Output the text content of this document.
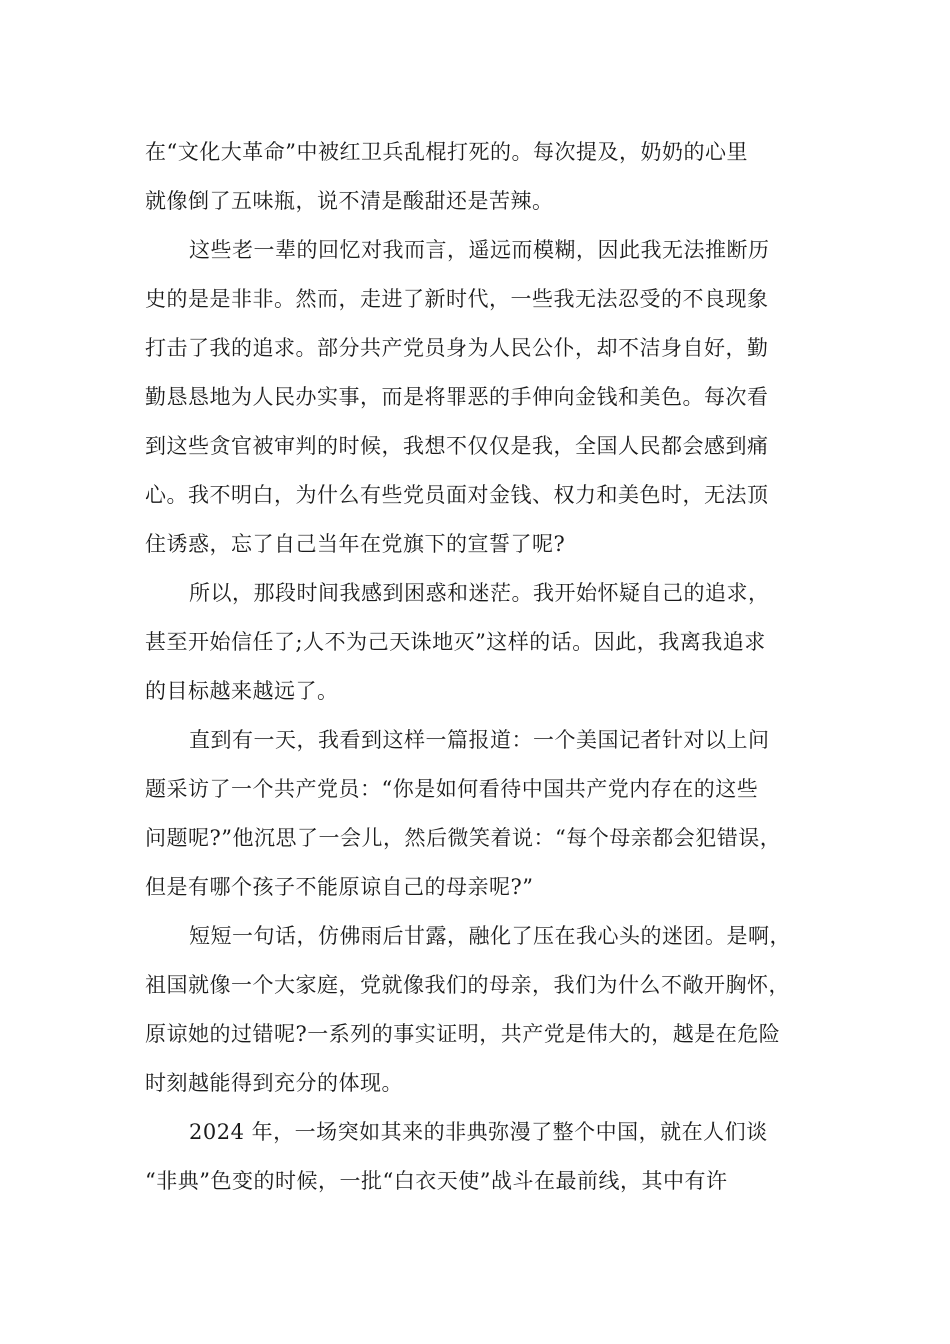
在“文化大革命”中被红卫兵乱棍打死的。每次提及，奶奶的心里
就像倒了五味瓶，说不清是酸甜还是苦辣。
这些老一辈的回忆对我而言，遥远而模糊，因此我无法推断历
史的是是非非。然而，走进了新时代，一些我无法忍受的不良现象
打击了我的追求。部分共产党员身为人民公仆，却不洁身自好，勤
勤恳恳地为人民办实事，而是将罪恶的手伸向金钱和美色。每次看
到这些贪官被审判的时候，我想不仅仅是我，全国人民都会感到痛
心。我不明白，为什么有些党员面对金钱、权力和美色时，无法顶
住诱惑，忘了自己当年在党旗下的宣誓了呢?
所以，那段时间我感到困惑和迷茫。我开始怀疑自己的追求，
甚至开始信任了;人不为己天诛地灭”这样的话。因此，我离我追求
的目标越来越远了。
直到有一天，我看到这样一篇报道：一个美国记者针对以上问
题采访了一个共产党员：“你是如何看待中国共产党内存在的这些
问题呢?”他沉思了一会儿，然后微笑着说：“每个母亲都会犯错误，
但是有哪个孩子不能原谅自己的母亲呢?”
短短一句话，仿佛雨后甘露，融化了压在我心头的迷团。是啊，
祖国就像一个大家庭，党就像我们的母亲，我们为什么不敞开胸怀，
原谅她的过错呢?一系列的事实证明，共产党是伟大的，越是在危险
时刻越能得到充分的体现。
2024 年，一场突如其来的非典弥漫了整个中国，就在人们谈
“非典”色变的时候，一批“白衣天使”战斗在最前线，其中有许
